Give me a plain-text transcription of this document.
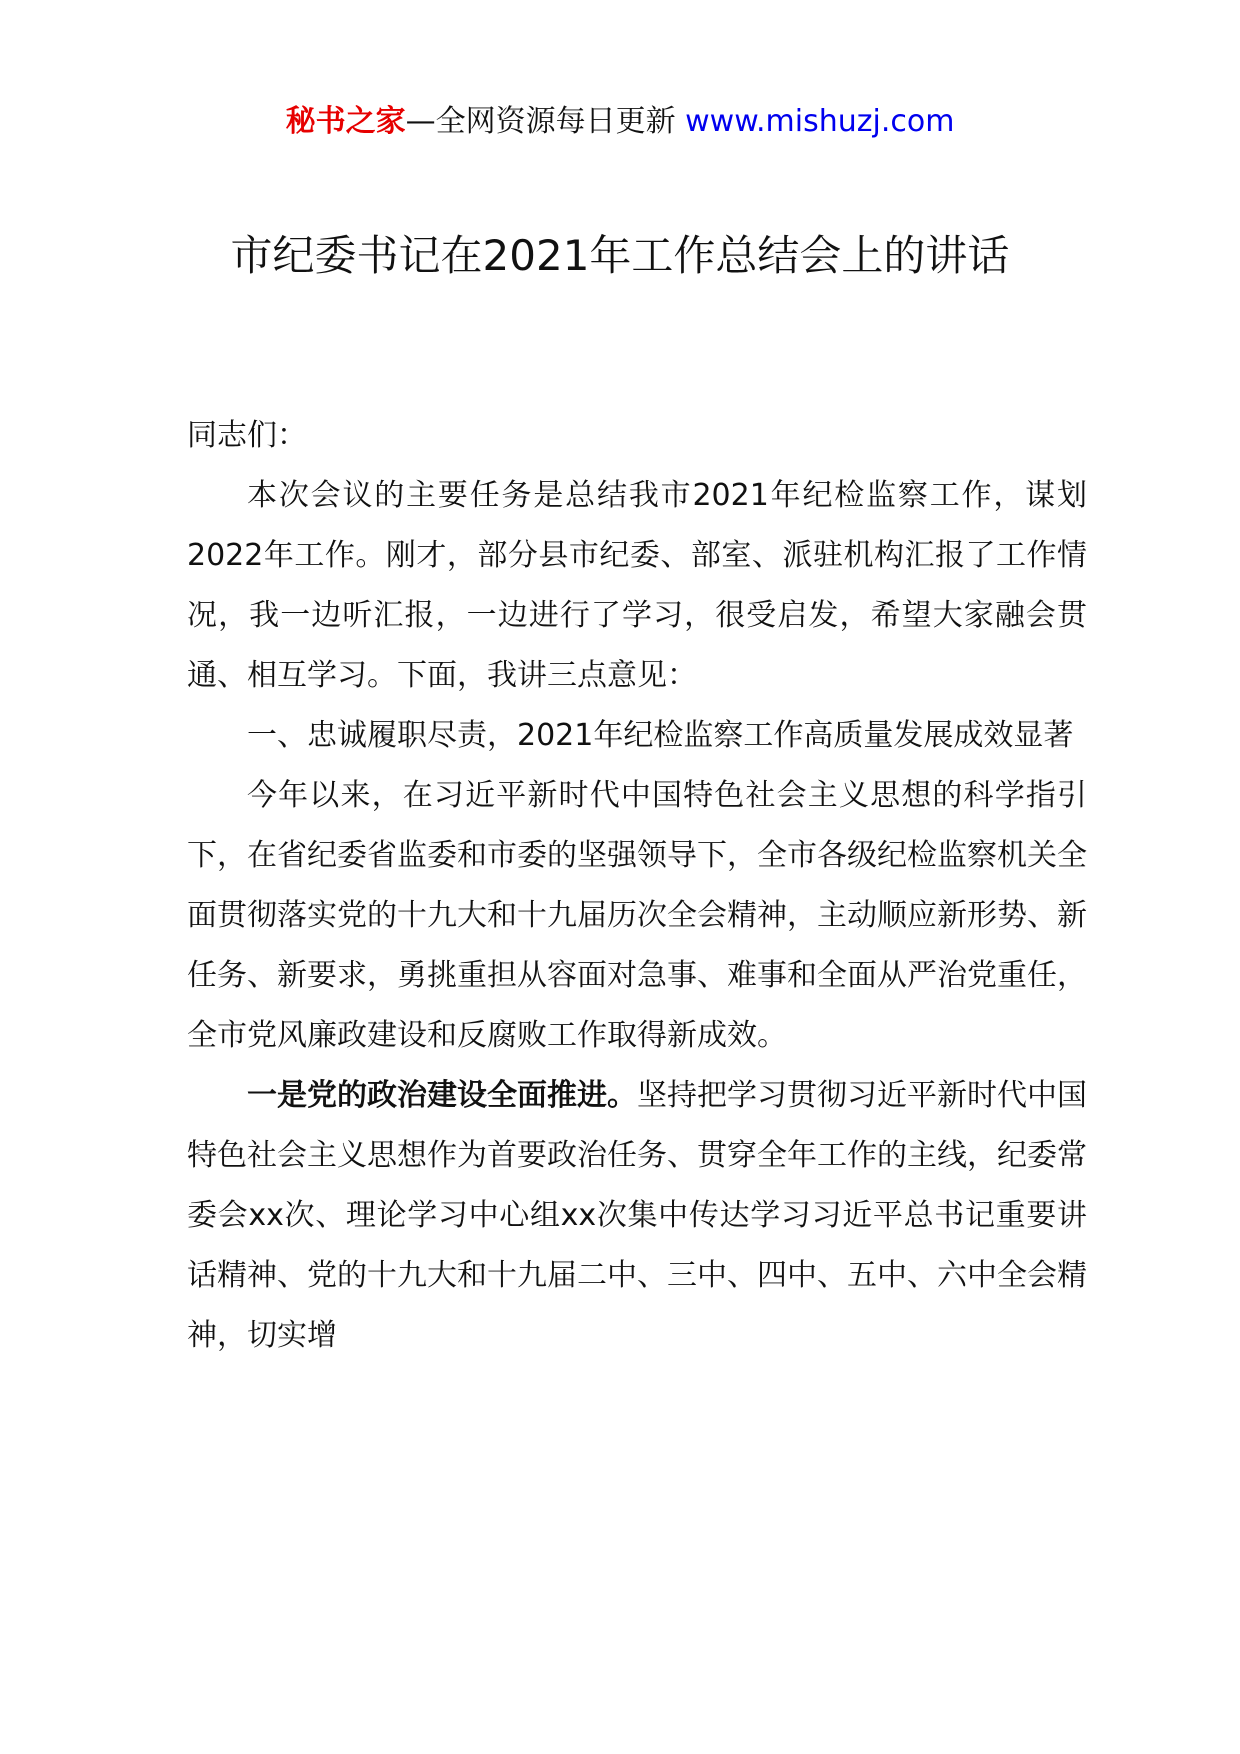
秘书之家—全网资源每日更新 www.mishuzj.com
市纪委书记在2021年工作总结会上的讲话

同志们：

本次会议的主要任务是总结我市2021年纪检监察工作，谋划2022年工作。刚才，部分县市纪委、部室、派驻机构汇报了工作情况，我一边听汇报，一边进行了学习，很受启发，希望大家融会贯通、相互学习。下面，我讲三点意见：

一、忠诚履职尽责，2021年纪检监察工作高质量发展成效显著

今年以来，在习近平新时代中国特色社会主义思想的科学指引下，在省纪委省监委和市委的坚强领导下，全市各级纪检监察机关全面贯彻落实党的十九大和十九届历次全会精神，主动顺应新形势、新任务、新要求，勇挑重担从容面对急事、难事和全面从严治党重任，全市党风廉政建设和反腐败工作取得新成效。

一是党的政治建设全面推进。坚持把学习贯彻习近平新时代中国特色社会主义思想作为首要政治任务、贯穿全年工作的主线，纪委常委会xx次、理论学习中心组xx次集中传达学习习近平总书记重要讲话精神、党的十九大和十九届二中、三中、四中、五中、六中全会精神，切实增
